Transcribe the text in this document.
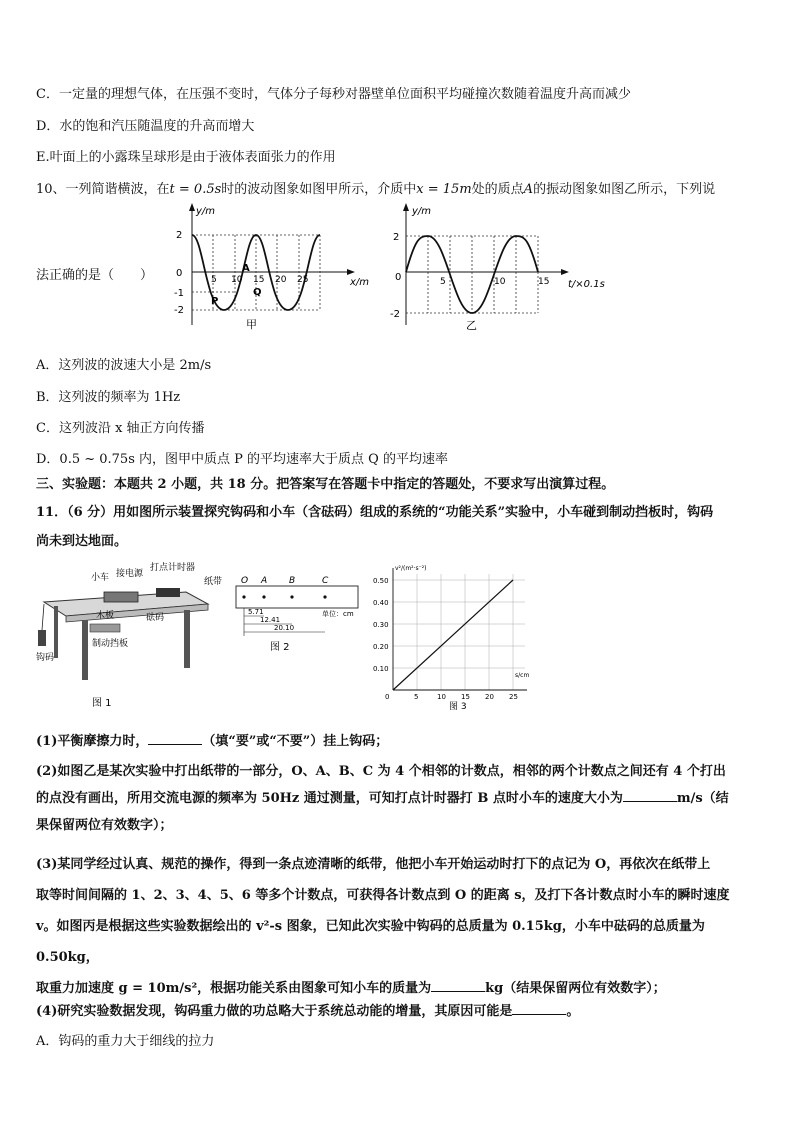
C．一定量的理想气体，在压强不变时，气体分子每秒对器壁单位面积平均碰撞次数随着温度升高而减少
D．水的饱和汽压随温度的升高而增大
E.叶面上的小露珠呈球形是由于液体表面张力的作用
10、一列简谐横波，在t = 0.5s时的波动图象如图甲所示，介质中x = 15m处的质点A的振动图象如图乙所示，下列说
法正确的是（　　）
y/m
x/m
2
0
-1
-2
5 10 15 20 25
A
P
Q
甲
y/m
t/×0.1s
2
0
-2
5	10	15
乙
A．这列波的波速大小是 2m/s
B．这列波的频率为 1Hz
C．这列波沿 x 轴正方向传播
D．0.5 ~ 0.75s 内，图甲中质点 P 的平均速率大于质点 Q 的平均速率
三、实验题：本题共 2 小题，共 18 分。把答案写在答题卡中指定的答题处，不要求写出演算过程。
11．（6 分）用如图所示装置探究钩码和小车（含砝码）组成的系统的“功能关系”实验中，小车碰到制动挡板时，钩码
尚未到达地面。
小车 接电源
打点计时器
纸带
木板	砝码
钩码
制动挡板
图 1
O A B	C
5.71
12.41
20.10
单位：cm
图 2
v²/(m²·s⁻²)
s/cm
0
0.10
0.20
0.30
0.40
0.50
5	10 15 20 25
图 3
(1)平衡摩擦力时，	（填“要”或“不要”）挂上钩码；
(2)如图乙是某次实验中打出纸带的一部分，O、A、B、C 为 4 个相邻的计数点，相邻的两个计数点之间还有 4 个打出
的点没有画出，所用交流电源的频率为 50Hz 通过测量，可知打点计时器打 B 点时小车的速度大小为	m/s（结
果保留两位有效数字）；
(3)某同学经过认真、规范的操作，得到一条点迹清晰的纸带，他把小车开始运动时打下的点记为 O，再依次在纸带上
取等时间间隔的 1、2、3、4、5、6 等多个计数点，可获得各计数点到 O 的距离 s，及打下各计数点时小车的瞬时速度
v。如图丙是根据这些实验数据绘出的 v²-s 图象，已知此次实验中钩码的总质量为 0.15kg，小车中砝码的总质量为 0.50kg，
取重力加速度 g = 10m/s²，根据功能关系由图象可知小车的质量为	kg（结果保留两位有效数字）；
(4)研究实验数据发现，钩码重力做的功总略大于系统总动能的增量，其原因可能是	。
A．钩码的重力大于细线的拉力
